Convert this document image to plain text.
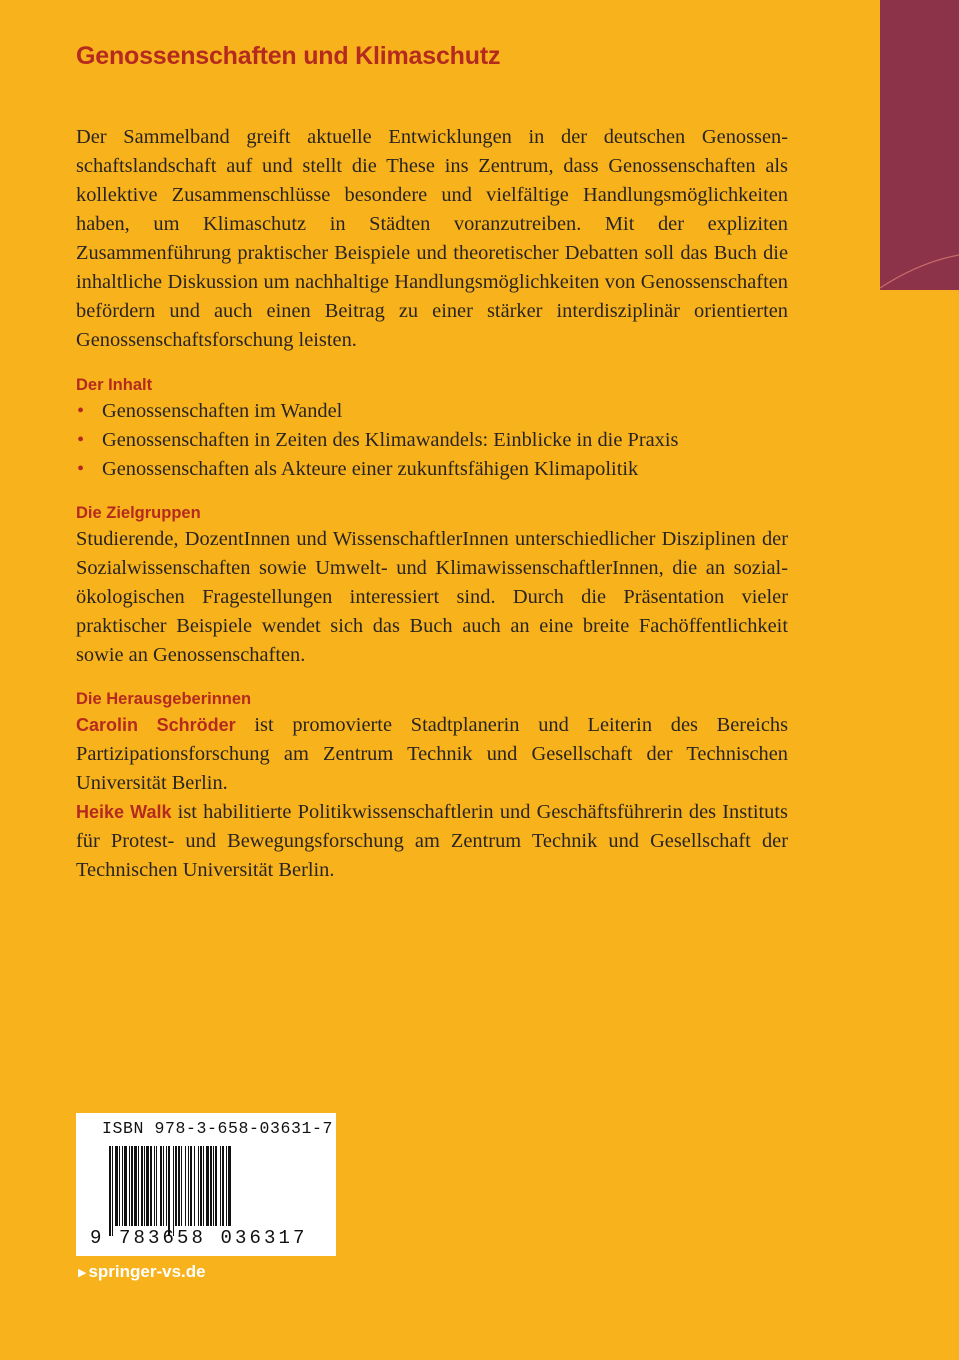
Genossenschaften und Klimaschutz

Der Sammelband greift aktuelle Entwicklungen in der deutschen Genossenschaftslandschaft auf und stellt die These ins Zentrum, dass Genossenschaften als kollektive Zusammenschlüsse besondere und vielfältige Handlungsmöglichkeiten haben, um Klimaschutz in Städten voranzutreiben. Mit der expliziten Zusammenführung praktischer Beispiele und theoretischer Debatten soll das Buch die inhaltliche Diskussion um nachhaltige Handlungsmöglichkeiten von Genossenschaften befördern und auch einen Beitrag zu einer stärker interdisziplinär orientierten Genossenschaftsforschung leisten.

Der Inhalt
• Genossenschaften im Wandel
• Genossenschaften in Zeiten des Klimawandels: Einblicke in die Praxis
• Genossenschaften als Akteure einer zukunftsfähigen Klimapolitik
Die Zielgruppen

Studierende, DozentInnen und WissenschaftlerInnen unterschiedlicher Disziplinen der Sozialwissenschaften sowie Umwelt- und KlimawissenschaftlerInnen, die an sozial-ökologischen Fragestellungen interessiert sind. Durch die Präsentation vieler praktischer Beispiele wendet sich das Buch auch an eine breite Fachöffentlichkeit sowie an Genossenschaften.

Die Herausgeberinnen

Carolin Schröder ist promovierte Stadtplanerin und Leiterin des Bereichs Partizipationsforschung am Zentrum Technik und Gesellschaft der Technischen Universität Berlin.

Heike Walk ist habilitierte Politikwissenschaftlerin und Geschäftsführerin des Instituts für Protest- und Bewegungsforschung am Zentrum Technik und Gesellschaft der Technischen Universität Berlin.

ISBN 978-3-658-03631-7
9 783658 036317
▶ springer-vs.de
